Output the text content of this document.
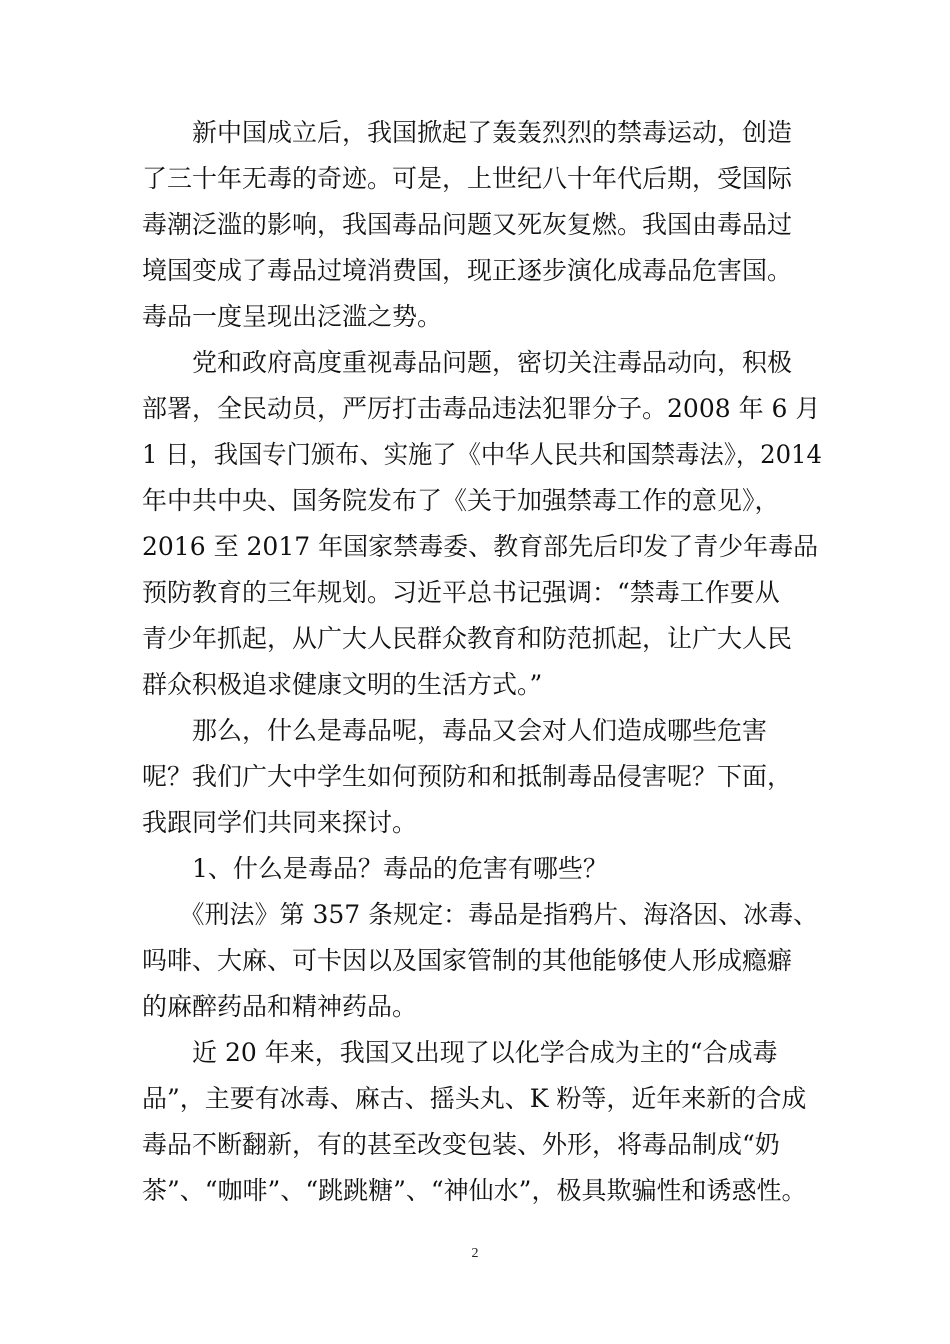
　　新中国成立后，我国掀起了轰轰烈烈的禁毒运动，创造
了三十年无毒的奇迹。可是，上世纪八十年代后期，受国际
毒潮泛滥的影响，我国毒品问题又死灰复燃。我国由毒品过
境国变成了毒品过境消费国，现正逐步演化成毒品危害国。
毒品一度呈现出泛滥之势。
　　党和政府高度重视毒品问题，密切关注毒品动向，积极
部署，全民动员，严厉打击毒品违法犯罪分子。2008 年 6 月
1 日，我国专门颁布、实施了《中华人民共和国禁毒法》，2014
年中共中央、国务院发布了《关于加强禁毒工作的意见》，
2016 至 2017 年国家禁毒委、教育部先后印发了青少年毒品
预防教育的三年规划。习近平总书记强调：“禁毒工作要从
青少年抓起，从广大人民群众教育和防范抓起，让广大人民
群众积极追求健康文明的生活方式。”
　　那么，什么是毒品呢，毒品又会对人们造成哪些危害
呢？我们广大中学生如何预防和和抵制毒品侵害呢？下面，
我跟同学们共同来探讨。
　　1、什么是毒品？毒品的危害有哪些？
　　《刑法》第 357 条规定：毒品是指鸦片、海洛因、冰毒、
吗啡、大麻、可卡因以及国家管制的其他能够使人形成瘾癖
的麻醉药品和精神药品。
　　近 20 年来，我国又出现了以化学合成为主的“合成毒
品”，主要有冰毒、麻古、摇头丸、K 粉等，近年来新的合成
毒品不断翻新，有的甚至改变包装、外形，将毒品制成“奶
茶”、“咖啡”、“跳跳糖”、“神仙水”，极具欺骗性和诱惑性。
2
